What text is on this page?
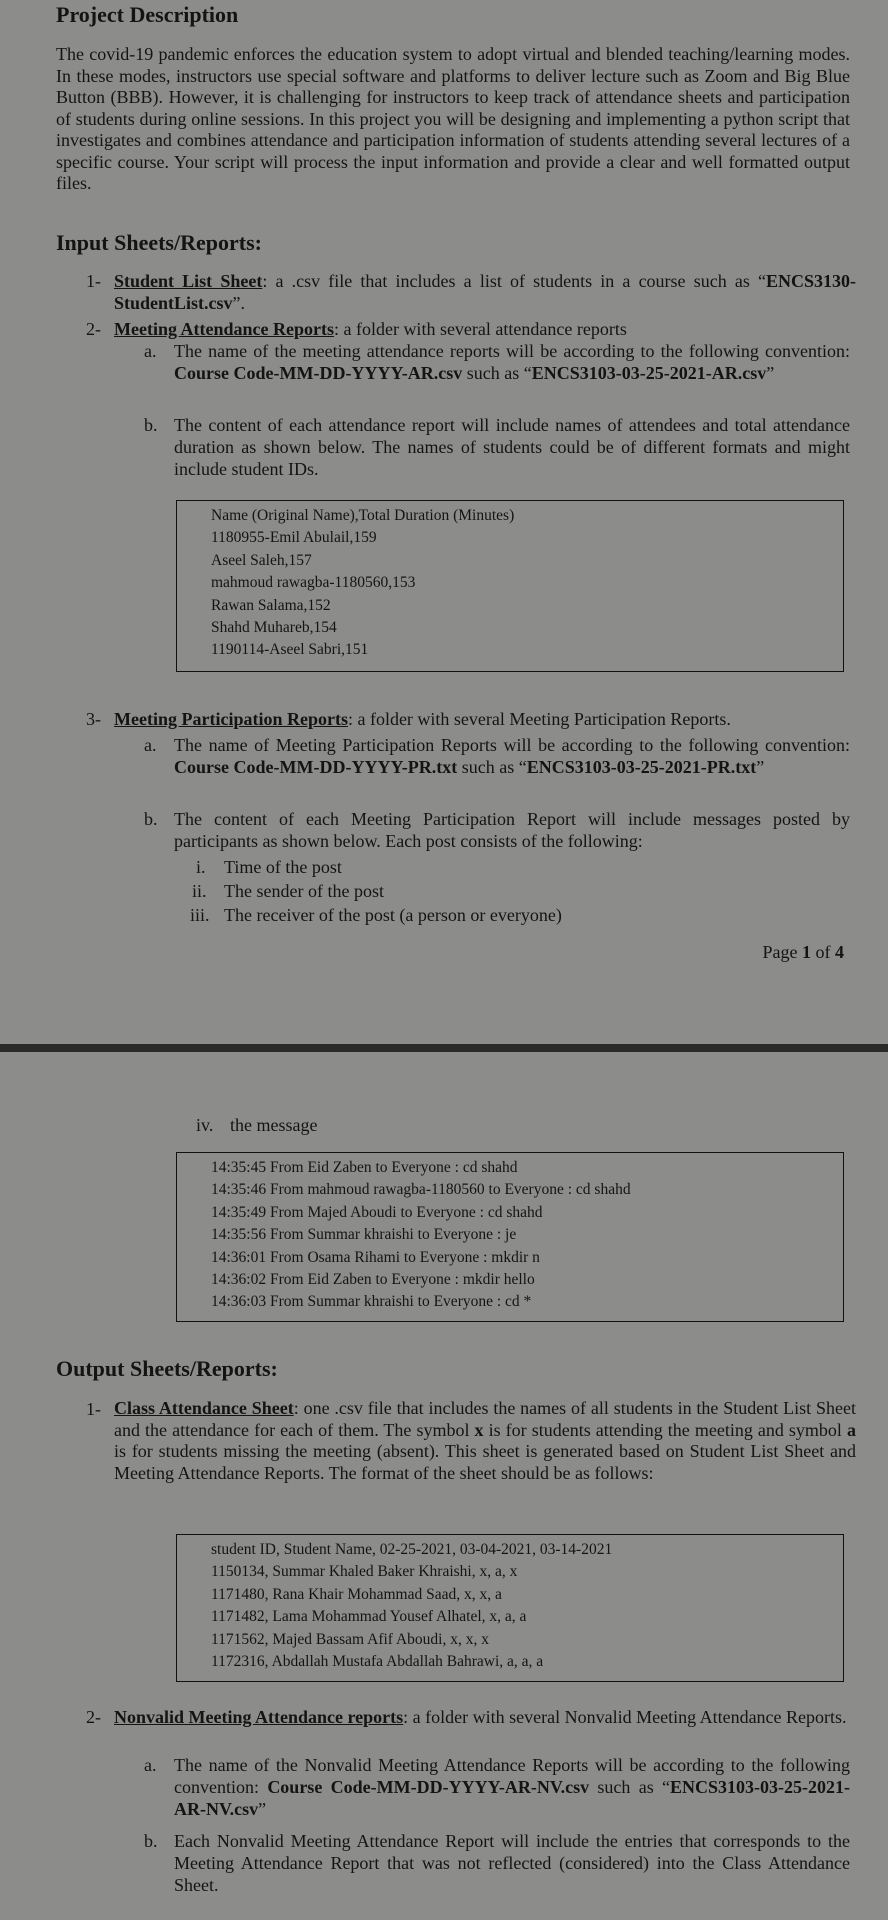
Project Description
The covid-19 pandemic enforces the education system to adopt virtual and blended teaching/learning modes. In these modes, instructors use special software and platforms to deliver lecture such as Zoom and Big Blue Button (BBB). However, it is challenging for instructors to keep track of attendance sheets and participation of students during online sessions. In this project you will be designing and implementing a python script that investigates and combines attendance and participation information of students attending several lectures of a specific course. Your script will process the input information and provide a clear and well formatted output files.
Input Sheets/Reports:
1- Student List Sheet: a .csv file that includes a list of students in a course such as “ENCS3130-StudentList.csv”.
2- Meeting Attendance Reports: a folder with several attendance reports
a. The name of the meeting attendance reports will be according to the following convention: Course Code-MM-DD-YYYY-AR.csv such as “ENCS3103-03-25-2021-AR.csv”
b. The content of each attendance report will include names of attendees and total attendance duration as shown below. The names of students could be of different formats and might include student IDs.
Name (Original Name),Total Duration (Minutes)
1180955-Emil Abulail,159
Aseel Saleh,157
mahmoud rawagba-1180560,153
Rawan Salama,152
Shahd Muhareb,154
1190114-Aseel Sabri,151
3- Meeting Participation Reports: a folder with several Meeting Participation Reports.
a. The name of Meeting Participation Reports will be according to the following convention: Course Code-MM-DD-YYYY-PR.txt such as “ENCS3103-03-25-2021-PR.txt”
b. The content of each Meeting Participation Report will include messages posted by participants as shown below. Each post consists of the following:
i. Time of the post
ii. The sender of the post
iii. The receiver of the post (a person or everyone)
Page 1 of 4
iv. the message
14:35:45 From Eid Zaben to Everyone : cd shahd
14:35:46 From mahmoud rawagba-1180560 to Everyone : cd shahd
14:35:49 From Majed Aboudi to Everyone : cd shahd
14:35:56 From Summar khraishi to Everyone : je
14:36:01 From Osama Rihami to Everyone : mkdir n
14:36:02 From Eid Zaben to Everyone : mkdir hello
14:36:03 From Summar khraishi to Everyone : cd *
Output Sheets/Reports:
1- Class Attendance Sheet: one .csv file that includes the names of all students in the Student List Sheet and the attendance for each of them. The symbol x is for students attending the meeting and symbol a is for students missing the meeting (absent). This sheet is generated based on Student List Sheet and Meeting Attendance Reports. The format of the sheet should be as follows:
student ID, Student Name, 02-25-2021, 03-04-2021, 03-14-2021
1150134, Summar Khaled Baker Khraishi, x, a, x
1171480, Rana Khair Mohammad Saad, x, x, a
1171482, Lama Mohammad Yousef Alhatel, x, a, a
1171562, Majed Bassam Afif Aboudi, x, x, x
1172316, Abdallah Mustafa Abdallah Bahrawi, a, a, a
2- Nonvalid Meeting Attendance reports: a folder with several Nonvalid Meeting Attendance Reports.
a. The name of the Nonvalid Meeting Attendance Reports will be according to the following convention: Course Code-MM-DD-YYYY-AR-NV.csv such as “ENCS3103-03-25-2021-AR-NV.csv”
b. Each Nonvalid Meeting Attendance Report will include the entries that corresponds to the Meeting Attendance Report that was not reflected (considered) into the Class Attendance Sheet.
